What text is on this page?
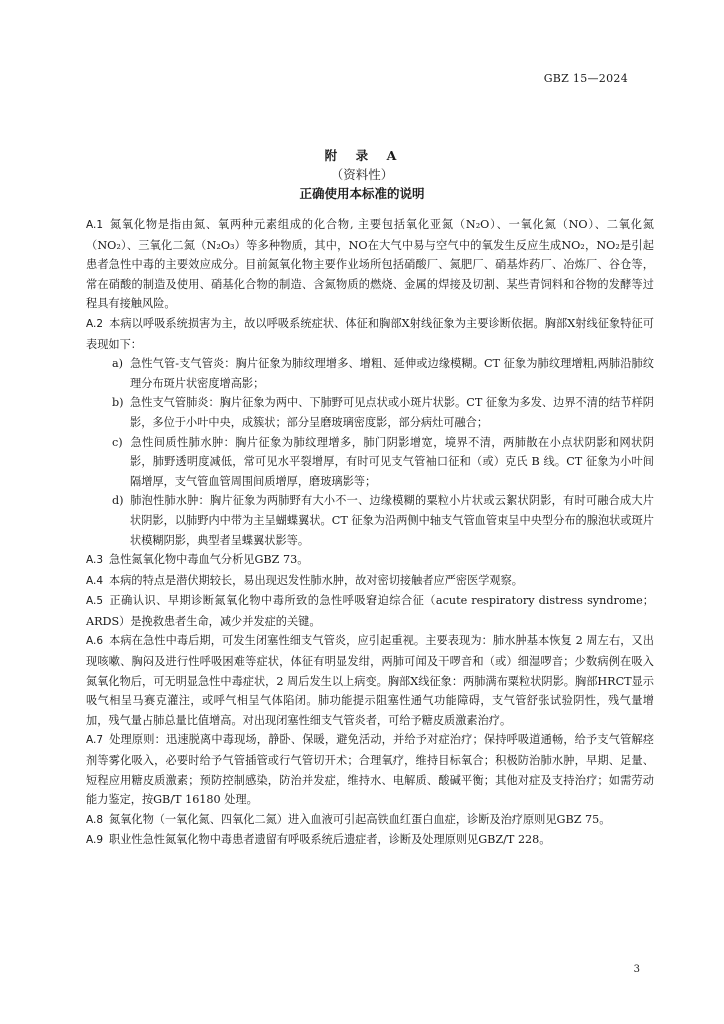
GBZ 15—2024
附　录　A
（资料性）
正确使用本标准的说明

A.1 氮氧化物是指由氮、氧两种元素组成的化合物, 主要包括氧化亚氮（N₂O）、一氧化氮（NO）、二氧化氮（NO₂）、三氧化二氮（N₂O₃）等多种物质，其中，NO在大气中易与空气中的氧发生反应生成NO₂，NO₂是引起患者急性中毒的主要效应成分。目前氮氧化物主要作业场所包括硝酸厂、氮肥厂、硝基炸药厂、冶炼厂、谷仓等，常在硝酸的制造及使用、硝基化合物的制造、含氮物质的燃烧、金属的焊接及切割、某些青饲料和谷物的发酵等过程具有接触风险。

A.2 本病以呼吸系统损害为主，故以呼吸系统症状、体征和胸部X射线征象为主要诊断依据。胸部X射线征象特征可表现如下：

a) 急性气管-支气管炎：胸片征象为肺纹理增多、增粗、延伸或边缘模糊。CT 征象为肺纹理增粗,两肺沿肺纹理分布斑片状密度增高影；

b) 急性支气管肺炎：胸片征象为两中、下肺野可见点状或小斑片状影。CT 征象为多发、边界不清的结节样阴影，多位于小叶中央，成簇状；部分呈磨玻璃密度影，部分病灶可融合；

c) 急性间质性肺水肿：胸片征象为肺纹理增多，肺门阴影增宽，境界不清，两肺散在小点状阴影和网状阴影，肺野透明度减低，常可见水平裂增厚，有时可见支气管袖口征和（或）克氏 B 线。CT 征象为小叶间隔增厚，支气管血管周围间质增厚，磨玻璃影等；

d) 肺泡性肺水肿：胸片征象为两肺野有大小不一、边缘模糊的粟粒小片状或云絮状阴影，有时可融合成大片状阴影，以肺野内中带为主呈蝴蝶翼状。CT 征象为沿两侧中轴支气管血管束呈中央型分布的腺泡状或斑片状模糊阴影，典型者呈蝶翼状影等。

A.3 急性氮氧化物中毒血气分析见GBZ 73。

A.4 本病的特点是潜伏期较长，易出现迟发性肺水肿，故对密切接触者应严密医学观察。

A.5 正确认识、早期诊断氮氧化物中毒所致的急性呼吸窘迫综合征（acute respiratory distress syndrome；ARDS）是挽救患者生命，减少并发症的关键。

A.6 本病在急性中毒后期，可发生闭塞性细支气管炎，应引起重视。主要表现为：肺水肿基本恢复 2 周左右，又出现咳嗽、胸闷及进行性呼吸困难等症状，体征有明显发绀，两肺可闻及干啰音和（或）细湿啰音；少数病例在吸入氮氧化物后，可无明显急性中毒症状，2 周后发生以上病变。胸部X线征象：两肺满布粟粒状阴影。胸部HRCT显示吸气相呈马赛克灌注，或呼气相呈气体陷闭。肺功能提示阻塞性通气功能障碍，支气管舒张试验阴性，残气量增加，残气量占肺总量比值增高。对出现闭塞性细支气管炎者，可给予糖皮质激素治疗。

A.7 处理原则：迅速脱离中毒现场，静卧、保暖，避免活动，并给予对症治疗；保持呼吸道通畅，给予支气管解痉剂等雾化吸入，必要时给予气管插管或行气管切开术；合理氧疗，维持目标氧合；积极防治肺水肿，早期、足量、短程应用糖皮质激素；预防控制感染，防治并发症，维持水、电解质、酸碱平衡；其他对症及支持治疗；如需劳动能力鉴定，按GB/T 16180 处理。

A.8 氮氧化物（一氧化氮、四氧化二氮）进入血液可引起高铁血红蛋白血症，诊断及治疗原则见GBZ 75。

A.9 职业性急性氮氧化物中毒患者遗留有呼吸系统后遗症者，诊断及处理原则见GBZ/T 228。

3
